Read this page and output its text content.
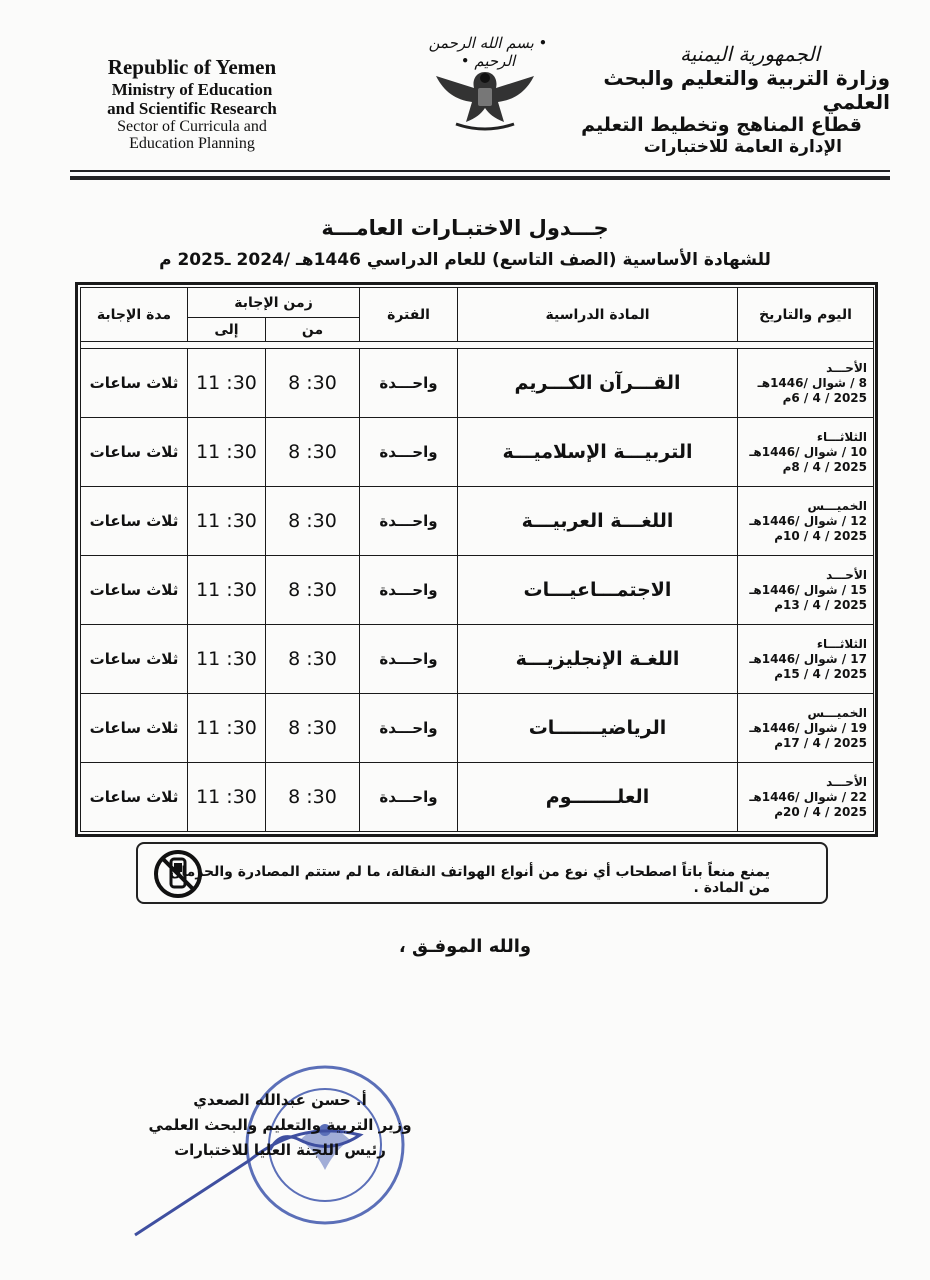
Republic of Yemen
Ministry of Education
and Scientific Research
Sector of Curricula and
Education Planning
• بسم الله الرحمن الرحيم •	الجمهورية اليمنية
وزارة التربية والتعليم والبحث العلمي
قطاع المناهج وتخطيط التعليم
الإدارة العامة للاختبارات
جـــدول الاختبـارات العامـــة
للشهادة الأساسية (الصف التاسع) للعام الدراسي 1446هـ /2024 ـ2025 م
اليوم والتاريخ	المادة الدراسية	الفترة	زمن الإجابة		مدة الإجابة
			من	إلى	

الأحـــد
8 / شوال /1446هـ
2025 / 4 / 6م	القـــرآن الكـــريم	واحـــدة	8 :30	11 :30	ثلاث ساعات

الثلاثـــاء
10 / شوال /1446هـ
2025 / 4 / 8م	التربيـــة الإسلاميـــة	واحـــدة	8 :30	11 :30	ثلاث ساعات

الخميـــس
12 / شوال /1446هـ
2025 / 4 / 10م	اللغـــة العربيـــة	واحـــدة	8 :30	11 :30	ثلاث ساعات

الأحـــد
15 / شوال /1446هـ
2025 / 4 / 13م	الاجتمـــاعيـــات	واحـــدة	8 :30	11 :30	ثلاث ساعات

الثلاثـــاء
17 / شوال /1446هـ
2025 / 4 / 15م	اللغـة الإنجليزيـــة	واحـــدة	8 :30	11 :30	ثلاث ساعات

الخميـــس
19 / شوال /1446هـ
2025 / 4 / 17م	الرياضيـــــــات	واحـــدة	8 :30	11 :30	ثلاث ساعات

الأحـــد
22 / شوال /1446هـ
2025 / 4 / 20م	العلـــــــوم	واحـــدة	8 :30	11 :30	ثلاث ساعات
يمنع منعاً باتاً اصطحاب أي نوع من أنواع الهواتف النقالة، ما لم ستتم المصادرة والحرمان من المادة .
والله الموفـق ،
أ. حسن عبدالله الصعدي
وزير التربية والتعليم والبحث العلمي
رئيس اللجنة العليا للاختبارات
